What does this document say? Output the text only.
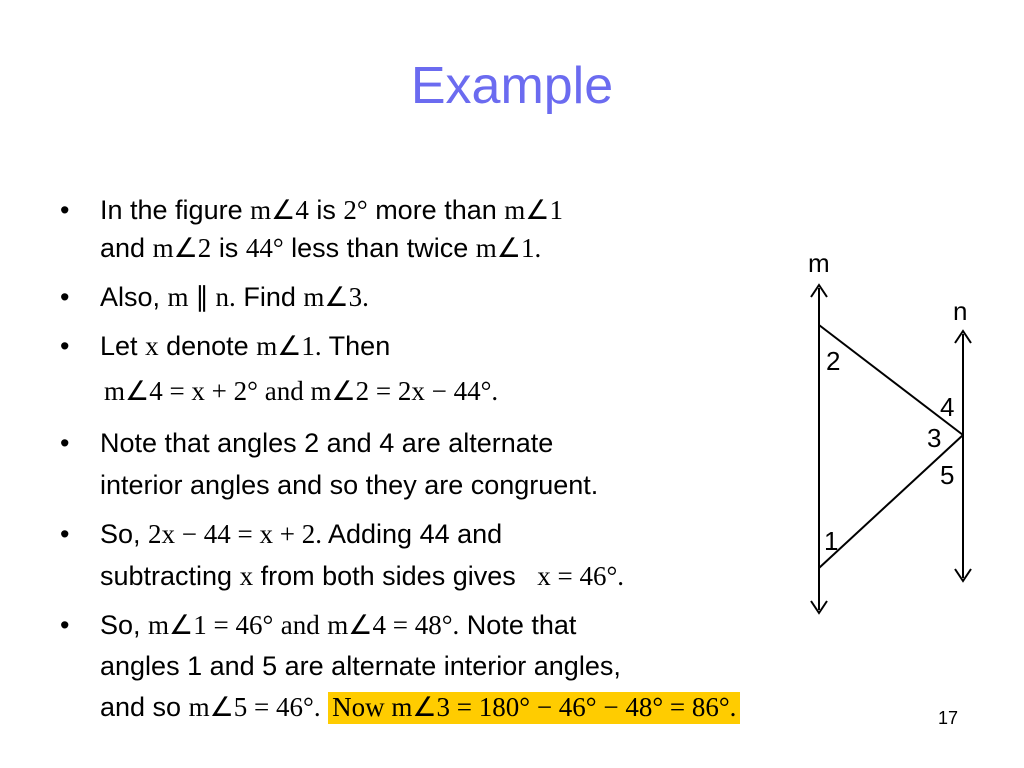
Example
• In the figure m∠4 is 2° more than m∠1
and m∠2 is 44° less than twice m∠1.
• Also, m ∥ n. Find m∠3.
• Let x denote m∠1. Then
m∠4 = x + 2° and m∠2 = 2x − 44°.
• Note that angles 2 and 4 are alternate
interior angles and so they are congruent.
• So, 2x − 44 = x + 2. Adding 44 and
subtracting x from both sides gives x = 46°.
• So, m∠1 = 46° and m∠4 = 48°. Note that
angles 1 and 5 are alternate interior angles,
and so m∠5 = 46°. Now m∠3 = 180° − 46° − 48° = 86°.	17
m
n
2
4
3
5
1
